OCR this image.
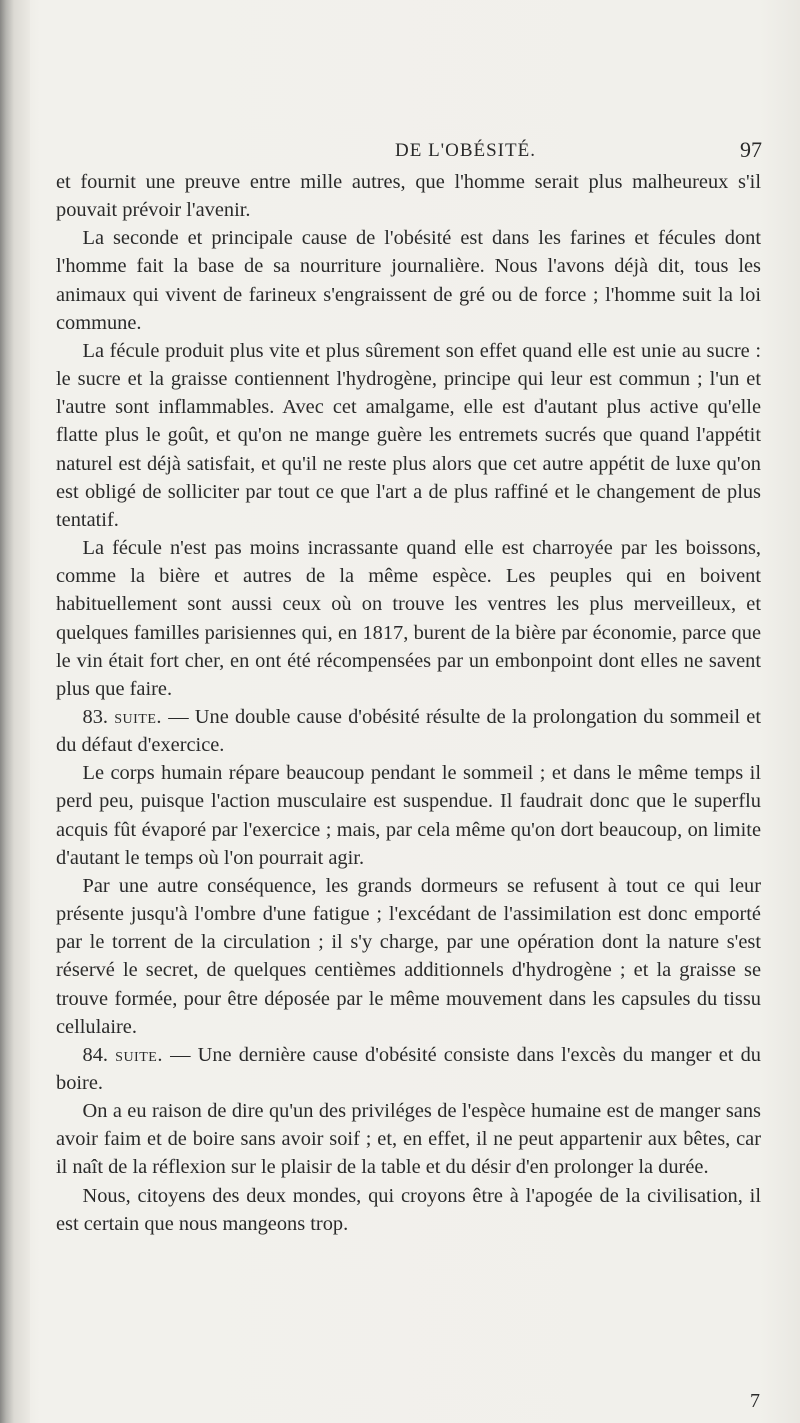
DE L'OBÉSITÉ.	97

et fournit une preuve entre mille autres, que l'homme serait plus malheureux s'il pouvait prévoir l'avenir.

La seconde et principale cause de l'obésité est dans les farines et fécules dont l'homme fait la base de sa nourriture journalière. Nous l'avons déjà dit, tous les animaux qui vivent de farineux s'engraissent de gré ou de force ; l'homme suit la loi commune.

La fécule produit plus vite et plus sûrement son effet quand elle est unie au sucre : le sucre et la graisse contiennent l'hydrogène, principe qui leur est commun ; l'un et l'autre sont inflammables. Avec cet amalgame, elle est d'autant plus active qu'elle flatte plus le goût, et qu'on ne mange guère les entremets sucrés que quand l'appétit naturel est déjà satisfait, et qu'il ne reste plus alors que cet autre appétit de luxe qu'on est obligé de solliciter par tout ce que l'art a de plus raffiné et le changement de plus tentatif.

La fécule n'est pas moins incrassante quand elle est charroyée par les boissons, comme la bière et autres de la même espèce. Les peuples qui en boivent habituellement sont aussi ceux où on trouve les ventres les plus merveilleux, et quelques familles parisiennes qui, en 1817, burent de la bière par économie, parce que le vin était fort cher, en ont été récompensées par un embonpoint dont elles ne savent plus que faire.

83. suite. — Une double cause d'obésité résulte de la prolongation du sommeil et du défaut d'exercice.

Le corps humain répare beaucoup pendant le sommeil ; et dans le même temps il perd peu, puisque l'action musculaire est suspendue. Il faudrait donc que le superflu acquis fût évaporé par l'exercice ; mais, par cela même qu'on dort beaucoup, on limite d'autant le temps où l'on pourrait agir.

Par une autre conséquence, les grands dormeurs se refusent à tout ce qui leur présente jusqu'à l'ombre d'une fatigue ; l'excédant de l'assimilation est donc emporté par le torrent de la circulation ; il s'y charge, par une opération dont la nature s'est réservé le secret, de quelques centièmes additionnels d'hydrogène ; et la graisse se trouve formée, pour être déposée par le même mouvement dans les capsules du tissu cellulaire.

84. suite. — Une dernière cause d'obésité consiste dans l'excès du manger et du boire.

On a eu raison de dire qu'un des priviléges de l'espèce humaine est de manger sans avoir faim et de boire sans avoir soif ; et, en effet, il ne peut appartenir aux bêtes, car il naît de la réflexion sur le plaisir de la table et du désir d'en prolonger la durée.

Nous, citoyens des deux mondes, qui croyons être à l'apogée de la civilisation, il est certain que nous mangeons trop.

7
